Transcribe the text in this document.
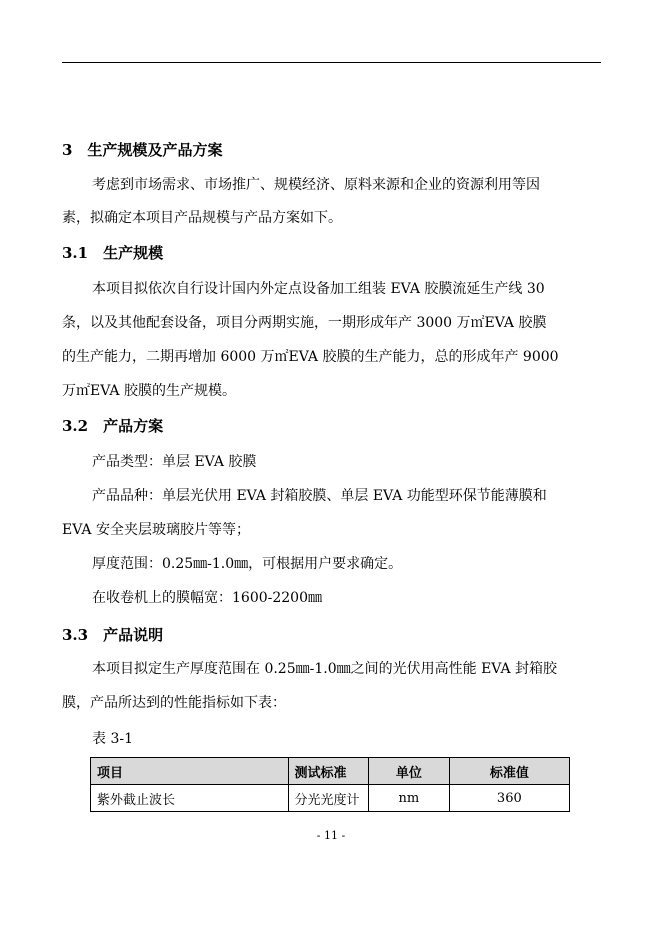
3　生产规模及产品方案
考虑到市场需求、市场推广、规模经济、原料来源和企业的资源利用等因
素，拟确定本项目产品规模与产品方案如下。
3.1　生产规模
本项目拟依次自行设计国内外定点设备加工组装 EVA 胶膜流延生产线 30
条，以及其他配套设备，项目分两期实施，一期形成年产 3000 万㎡EVA 胶膜
的生产能力，二期再增加 6000 万㎡EVA 胶膜的生产能力，总的形成年产 9000
万㎡EVA 胶膜的生产规模。
3.2　产品方案
产品类型：单层 EVA 胶膜
产品品种：单层光伏用 EVA 封箱胶膜、单层 EVA 功能型环保节能薄膜和
EVA 安全夹层玻璃胶片等等；
厚度范围：0.25㎜-1.0㎜，可根据用户要求确定。
在收卷机上的膜幅宽：1600-2200㎜
3.3　产品说明
本项目拟定生产厚度范围在 0.25㎜-1.0㎜之间的光伏用高性能 EVA 封箱胶
膜，产品所达到的性能指标如下表：
表 3-1
项目	测试标准	单位	标准值
紫外截止波长	分光光度计	nm	360
- 11 -
